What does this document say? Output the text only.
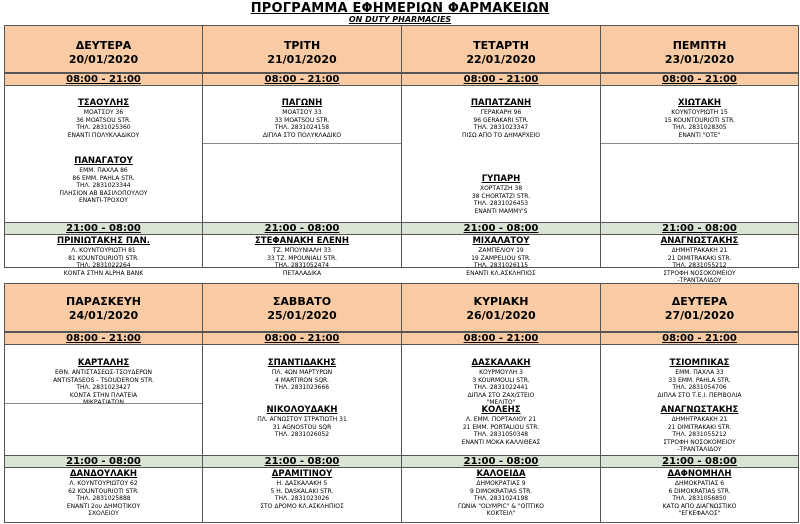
ΠΡΟΓΡΑΜΜΑ ΕΦΗΜΕΡΙΩΝ ΦΑΡΜΑΚΕΙΩΝ
ON DUTY PHARMACIES
ΔΕΥΤΕΡΑ
20/01/2020
08:00 - 21:00
ΤΣΑΟΥΛΗΣ
ΜΟΑΤΣΟΥ 36
36 MOATSOU STR.
ΤΗΛ. 2831025360
ΕΝΑΝΤΙ ΠΟΛΥΚΛΑΔΙΚΟΥ
ΠΑΝΑΓΑΤΟΥ
ΕΜΜ. ΠΑΧΛΑ 86
86 EMM. PAHLA STR.
ΤΗΛ. 2831023344
ΠΛΗΣΙΟΝ ΑΒ ΒΑΣΙΛΟΠΟΥΛΟΥ
ΕΝΑΝΤΙ-ΤΡΟΧΟΥ
21:00 - 08:00
ΠΡΙΝΙΩΤΑΚΗΣ ΠΑΝ.
Λ. ΚΟΥΝΤΟΥΡΙΩΤΗ 81
81 KOUNTOURIOTI STR.
ΤΗΛ. 2831022264
ΚΟΝΤΑ ΣΤΗΝ ALPHA BANK
ΤΡΙΤΗ
21/01/2020
08:00 - 21:00
ΠΑΓΩΝΗ
ΜΟΑΤΣΟΥ 33
33 MOATSOU STR.
ΤΗΛ. 2831024158
ΔΙΠΛΑ ΣΤΟ ΠΟΛΥΚΛΑΔΙΚΟ
21:00 - 08:00
ΣΤΕΦΑΝΑΚΗ ΕΛΕΝΗ
ΤΖ. ΜΠΟΥΝΙΑΛΗ 33
33 TZ. MPOUNIALI STR.
ΤΗΛ. 2831052474
ΠΕΤΑΛΑΔΙΚΑ
ΤΕΤΑΡΤΗ
22/01/2020
08:00 - 21:00
ΠΑΠΑΤΖΑΝΗ
ΓΕΡΑΚΑΡΗ 96
96 GERAKARI STR.
ΤΗΛ. 2831023347
ΠΙΣΩ ΑΠΟ ΤΟ ΔΗΜΑΡΧΕΙΟ
ΓΥΠΑΡΗ
ΧΟΡΤΑΤΖΗ 38
38 CHORTATZI STR.
ΤΗΛ. 2831026453
ΕΝΑΝΤΙ MAMMY'S
21:00 - 08:00
ΜΙΧΑΛΑΤΟΥ
ΖΑΜΠΕΛΙΟΥ 19
19 ZAMPELIOU STR.
ΤΗΛ. 2831026115
ΕΝΑΝΤΙ ΚΛ.ΑΣΚΛΗΠΙΟΣ
ΠΕΜΠΤΗ
23/01/2020
08:00 - 21:00
ΧΙΩΤΑΚΗ
ΚΟΥΝΤΟΥΡΙΩΤΗ 15
15 KOUNTOURIOTI STR.
ΤΗΛ. 2831028305
ΕΝΑΝΤΙ "ΟΤΕ"
21:00 - 08:00
ΑΝΑΓΝΩΣΤΑΚΗΣ
ΔΗΜΗΤΡΑΚΑΚΗ 21
21 DIMITRAKAKI STR.
ΤΗΛ. 2831055212
ΣΤΡΟΦΗ ΝΟΣΟΚΟΜΕΙΟΥ
-ΤΡΑΝΤΑΛΙΔΟΥ
ΠΑΡΑΣΚΕΥΗ
24/01/2020
08:00 - 21:00
ΚΑΡΤΑΛΗΣ
ΕΘΝ. ΑΝΤΙΣΤΑΣΕΩΣ-ΤΣΟΥΔΕΡΩΝ
ANTISTASEOS - TSOUDERON STR.
ΤΗΛ. 2831023427
ΚΟΝΤΑ ΣΤΗΝ ΠΛΑΤΕΙΑ
ΜΙΚΡΑΣΙΑΤΩΝ
21:00 - 08:00
ΔΑΝΔΟΥΛΑΚΗ
Λ. ΚΟΥΝΤΟΥΡΙΩΤΟΥ 62
62 KOUNTOURIOTI STR.
ΤΗΛ. 2831025888
ΕΝΑΝΤΙ 2ου ΔΗΜΟΤΙΚΟΥ
ΣΧΟΛΕΙΟΥ
ΣΑΒΒΑΤΟ
25/01/2020
08:00 - 21:00
ΣΠΑΝΤΙΔΑΚΗΣ
ΠΛ. 4ΩΝ ΜΑΡΤΥΡΩΝ
4 MARTIRON SQR.
ΤΗΛ. 2831023666
ΝΙΚΟΛΟΥΔΑΚΗ
ΠΛ. ΑΓΝΩΣΤΟΥ ΣΤΡΑΤΙΩΤΗ 31
31 AGNOSTOU SQR
ΤΗΛ. 2831026052
21:00 - 08:00
ΔΡΑΜΙΤΙΝΟΥ
Η. ΔΑΣΚΑΛΑΚΗ 5
5 H. DASKALAKI STR.
ΤΗΛ. 2831023026
ΣΤΟ ΔΡΟΜΟ ΚΛ.ΑΣΚΛΗΠΙΟΣ
ΚΥΡΙΑΚΗ
26/01/2020
08:00 - 21:00
ΔΑΣΚΑΛΑΚΗ
ΚΟΥΡΜΟΥΛΗ 3
3 KOURMOULI STR.
ΤΗΛ. 2831022441
ΔΙΠΛΑ ΣΤΟ ΖΑΧ/ΣΤΕΙΟ
"ΜΕΛΙΤΟ"
ΚΟΛΕΗΣ
Λ. ΕΜΜ. ΠΟΡΤΑΛΙΟΥ 21
21 EMM. PORTALIOU STR.
ΤΗΛ. 2831050348
ΕΝΑΝΤΙ ΜΟΚΑ ΚΑΛΛΙΘΕΑΣ
21:00 - 08:00
ΚΑΛΟΕΙΔΑ
ΔΗΜΟΚΡΑΤΙΑΣ 9
9 DIMOKRATIAS STR.
ΤΗΛ. 2831024198
ΓΩΝΙΑ "OLYMPIC" & "ΟΠΤΙΚΟ
ΚΟΚΤΕΙΛ"
ΔΕΥΤΕΡΑ
27/01/2020
08:00 - 21:00
ΤΣΙΟΜΠΙΚΑΣ
ΕΜΜ. ΠΑΧΛΑ 33
33 EMM. PAHLA STR.
ΤΗΛ. 2831054706
ΔΙΠΛΑ ΣΤΟ Τ.Ε.Ι. ΠΕΡΙΒΟΛΙΑ
ΑΝΑΓΝΩΣΤΑΚΗΣ
ΔΗΜΗΤΡΑΚΑΚΗ 21
21 DIMITRAKAKI STR.
ΤΗΛ. 2831055212
ΣΤΡΟΦΗ ΝΟΣΟΚΟΜΕΙΟΥ
-ΤΡΑΝΤΑΛΙΔΟΥ
21:00 - 08:00
ΔΑΦΝΟΜΗΛΗ
ΔΗΜΟΚΡΑΤΙΑΣ 6
6 DIMOKRATIAS STR.
ΤΗΛ. 2831056850
ΚΑΤΩ ΑΠΟ ΔΙΑΓΝΩΣΤΙΚΟ
"ΕΓΚΕΦΑΛΟΣ"
